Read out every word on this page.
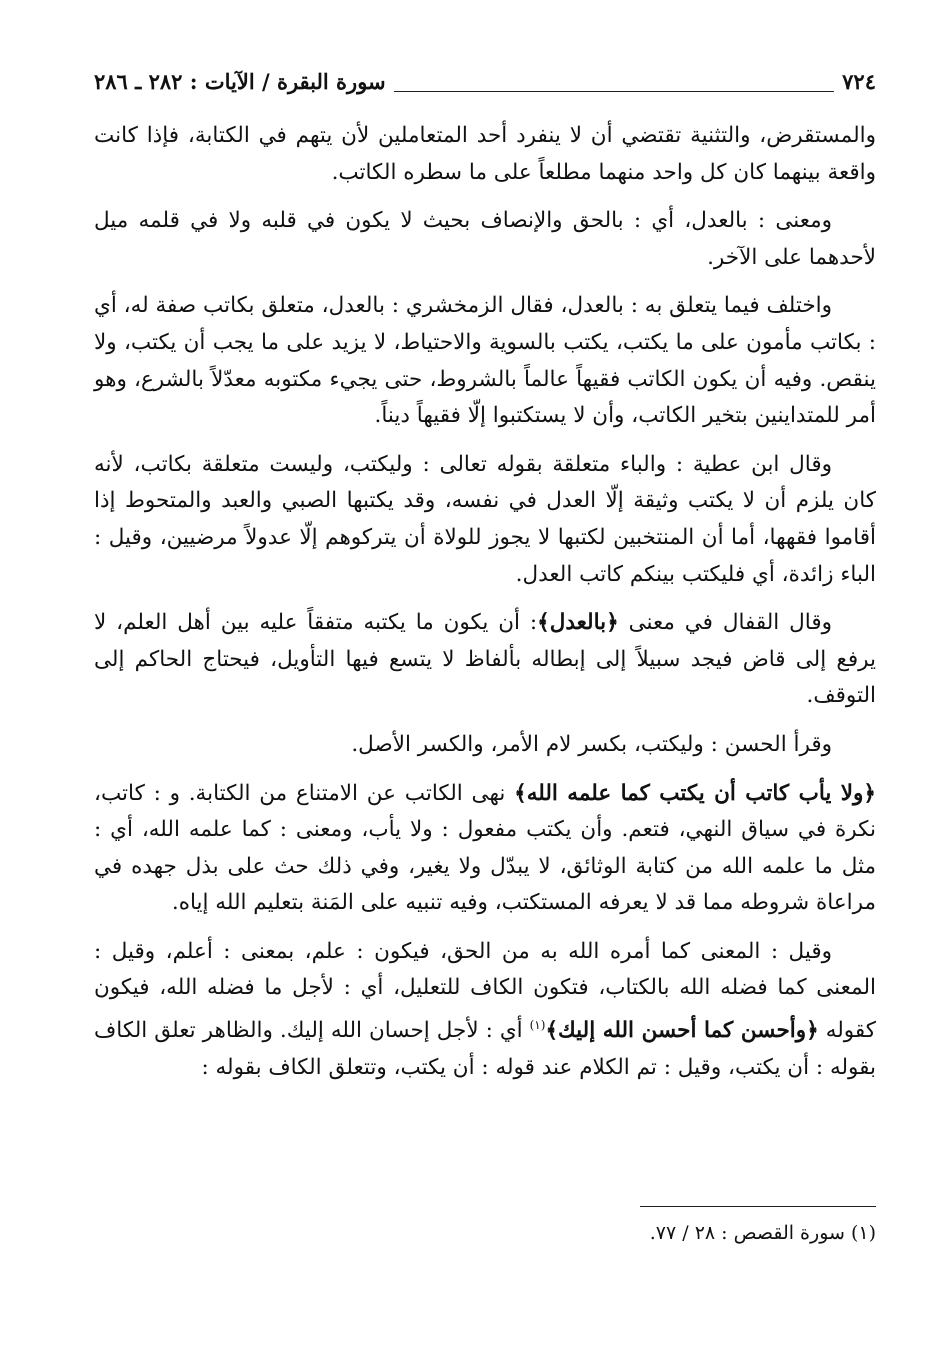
٧٢٤
سورة البقرة / الآيات : ٢٨٢ ـ ٢٨٦

والمستقرض، والتثنية تقتضي أن لا ينفرد أحد المتعاملين لأن يتهم في الكتابة، فإذا كانت واقعة بينهما كان كل واحد منهما مطلعاً على ما سطره الكاتب.

ومعنى : بالعدل، أي : بالحق والإنصاف بحيث لا يكون في قلبه ولا في قلمه ميل لأحدهما على الآخر.

واختلف فيما يتعلق به : بالعدل، فقال الزمخشري : بالعدل، متعلق بكاتب صفة له، أي : بكاتب مأمون على ما يكتب، يكتب بالسوية والاحتياط، لا يزيد على ما يجب أن يكتب، ولا ينقص. وفيه أن يكون الكاتب فقيهاً عالماً بالشروط، حتى يجيء مكتوبه معدّلاً بالشرع، وهو أمر للمتداينين بتخير الكاتب، وأن لا يستكتبوا إلّا فقيهاً ديناً.

وقال ابن عطية : والباء متعلقة بقوله تعالى : وليكتب، وليست متعلقة بكاتب، لأنه كان يلزم أن لا يكتب وثيقة إلّا العدل في نفسه، وقد يكتبها الصبي والعبد والمتحوط إذا أقاموا فقهها، أما أن المنتخبين لكتبها لا يجوز للولاة أن يتركوهم إلّا عدولاً مرضيين، وقيل : الباء زائدة، أي فليكتب بينكم كاتب العدل.

وقال القفال في معنى ﴿بالعدل﴾: أن يكون ما يكتبه متفقاً عليه بين أهل العلم، لا يرفع إلى قاض فيجد سبيلاً إلى إبطاله بألفاظ لا يتسع فيها التأويل، فيحتاج الحاكم إلى التوقف.

وقرأ الحسن : وليكتب، بكسر لام الأمر، والكسر الأصل.

﴿ولا يأب كاتب أن يكتب كما علمه الله﴾ نهى الكاتب عن الامتناع من الكتابة. و : كاتب، نكرة في سياق النهي، فتعم. وأن يكتب مفعول : ولا يأب، ومعنى : كما علمه الله، أي : مثل ما علمه الله من كتابة الوثائق، لا يبدّل ولا يغير، وفي ذلك حث على بذل جهده في مراعاة شروطه مما قد لا يعرفه المستكتب، وفيه تنبيه على المَنة بتعليم الله إياه.

وقيل : المعنى كما أمره الله به من الحق، فيكون : علم، بمعنى : أعلم، وقيل : المعنى كما فضله الله بالكتاب، فتكون الكاف للتعليل، أي : لأجل ما فضله الله، فيكون كقوله ﴿وأحسن كما أحسن الله إليك﴾$^{(١)}$ أي : لأجل إحسان الله إليك. والظاهر تعلق الكاف بقوله : أن يكتب، وقيل : تم الكلام عند قوله : أن يكتب، وتتعلق الكاف بقوله :

(١)سورة القصص : ٢٨ / ٧٧.
